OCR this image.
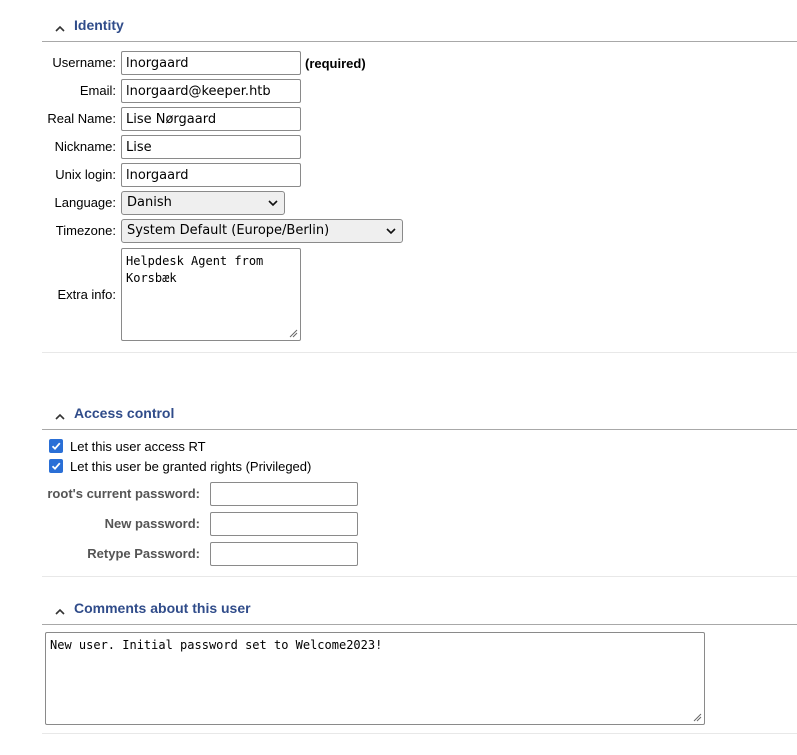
Identity
Username:
lnorgaard	(required)
Email:
lnorgaard@keeper.htb
Real Name:
Lise Nørgaard
Nickname:
Lise
Unix login:
lnorgaard
Language: Danish
Timezone: System Default (Europe/Berlin)
Extra info:
Helpdesk Agent from Korsbæk
Access control
Let this user access RT
Let this user be granted rights (Privileged)
root's current password:
New password:
Retype Password:
Comments about this user
New user. Initial password set to Welcome2023!
